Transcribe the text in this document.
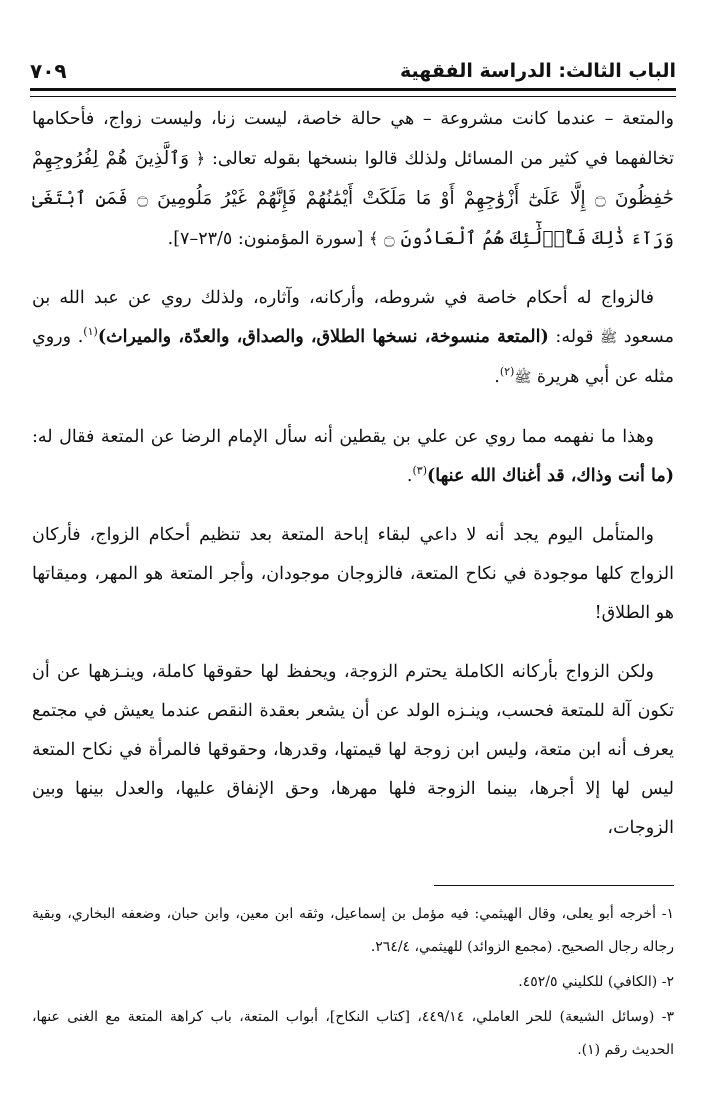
الباب الثالث: الدراسة الفقهية
٧٠٩

والمتعة – عندما كانت مشروعة – هي حالة خاصة، ليست زنا، وليست زواج، فأحكامها تخالفهما في كثير من المسائل ولذلك قالوا بنسخها بقوله تعالى: ﴿ وَٱلَّذِينَ هُمْ لِفُرُوجِهِمْ حَٰفِظُونَ ۝ إِلَّا عَلَىٰٓ أَزْوَٰجِهِمْ أَوْ مَا مَلَكَتْ أَيْمَٰنُهُمْ فَإِنَّهُمْ غَيْرُ مَلُومِينَ ۝ فَمَنِ ٱبْتَغَىٰ وَرَآءَ ذَٰلِكَ فَأُو۟لَٰٓئِكَ هُمُ ٱلْعَادُونَ ۝ ﴾ [سورة المؤمنون: ٢٣/٥–٧].

فالزواج له أحكام خاصة في شروطه، وأركانه، وآثاره، ولذلك روي عن عبد الله بن مسعود ﷺ قوله: (المتعة منسوخة، نسخها الطلاق، والصداق، والعدّة، والميراث)$^{(١)}$. وروي مثله عن أبي هريرة ﷺ$^{(٢)}$.

وهذا ما نفهمه مما روي عن علي بن يقطين أنه سأل الإمام الرضا عن المتعة فقال له: (ما أنت وذاك، قد أغناك الله عنها)$^{(٣)}$.

والمتأمل اليوم يجد أنه لا داعي لبقاء إباحة المتعة بعد تنظيم أحكام الزواج، فأركان الزواج كلها موجودة في نكاح المتعة، فالزوجان موجودان، وأجر المتعة هو المهر، وميقاتها هو الطلاق!

ولكن الزواج بأركانه الكاملة يحترم الزوجة، ويحفظ لها حقوقها كاملة، وينـزهها عن أن تكون آلة للمتعة فحسب، وينـزه الولد عن أن يشعر بعقدة النقص عندما يعيش في مجتمع يعرف أنه ابن متعة، وليس ابن زوجة لها قيمتها، وقدرها، وحقوقها فالمرأة في نكاح المتعة ليس لها إلا أجرها، بينما الزوجة فلها مهرها، وحق الإنفاق عليها، والعدل بينها وبين الزوجات،

١- أخرجه أبو يعلى، وقال الهيثمي: فيه مؤمل بن إسماعيل، وثقه ابن معين، وابن حبان، وضعفه البخاري، وبقية رجاله رجال الصحيح. (مجمع الزوائد) للهيثمي، ٢٦٤/٤.

٢- (الكافي) للكليني ٤٥٢/٥.

٣- (وسائل الشيعة) للحر العاملي، ٤٤٩/١٤، [كتاب النكاح]، أبواب المتعة، باب كراهة المتعة مع الغنى عنها، الحديث رقم (١).
